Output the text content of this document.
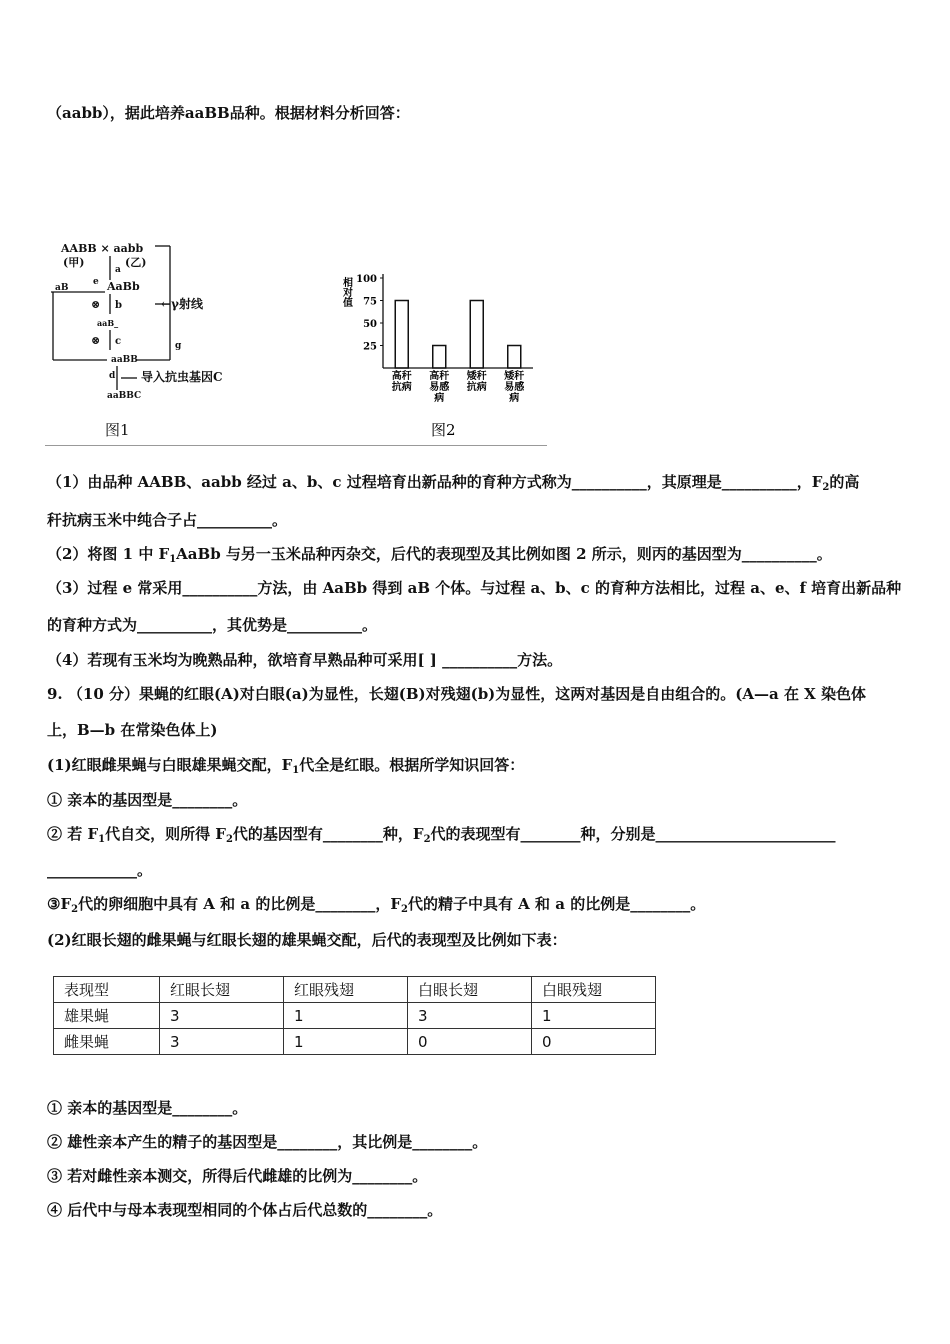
（aabb），据此培养aaBB品种。根据材料分析回答：
AABB × aabb
(甲)	(乙)
a
e AaBb
aB
⊗ b	←γ射线
aaB_
⊗ c	g
aaBB
d 导入抗虫基因C
aaBBC
图1
相
对
值
100
75
50
25
高秆
抗病
高秆
易感
病
矮秆
抗病
矮秆
易感
病
图2
（1）由品种 AABB、aabb 经过 a、b、c 过程培育出新品种的育种方式称为__________，其原理是__________，$F_2$的高
秆抗病玉米中纯合子占__________。
（2）将图 1 中 $F_1AaBb$ 与另一玉米品种丙杂交，后代的表现型及其比例如图 2 所示，则丙的基因型为__________。
（3）过程 e 常采用__________方法，由 AaBb 得到 aB 个体。与过程 a、b、c 的育种方法相比，过程 a、e、f 培育出新品种
的育种方式为__________，其优势是__________。
（4）若现有玉米均为晚熟品种，欲培育早熟品种可采用[ ] __________方法。
9. （10 分）果蝇的红眼(A)对白眼(a)为显性，长翅(B)对残翅(b)为显性，这两对基因是自由组合的。(A—a 在 X 染色体
上，B—b 在常染色体上)
(1)红眼雌果蝇与白眼雄果蝇交配，$F_1$代全是红眼。根据所学知识回答：
① 亲本的基因型是________。
② 若 $F_1$代自交，则所得 $F_2$代的基因型有________种，$F_2$代的表现型有________种，分别是________________________
____________。
$③F_2$代的卵细胞中具有 A 和 a 的比例是________，$F_2$代的精子中具有 A 和 a 的比例是________。
(2)红眼长翅的雌果蝇与红眼长翅的雄果蝇交配，后代的表现型及比例如下表：
表现型	红眼长翅	红眼残翅	白眼长翅	白眼残翅
雄果蝇	3	1	3	1
雌果蝇	3	1	0	0
① 亲本的基因型是________。
② 雄性亲本产生的精子的基因型是________，其比例是________。
③ 若对雌性亲本测交，所得后代雌雄的比例为________。
④ 后代中与母本表现型相同的个体占后代总数的________。
